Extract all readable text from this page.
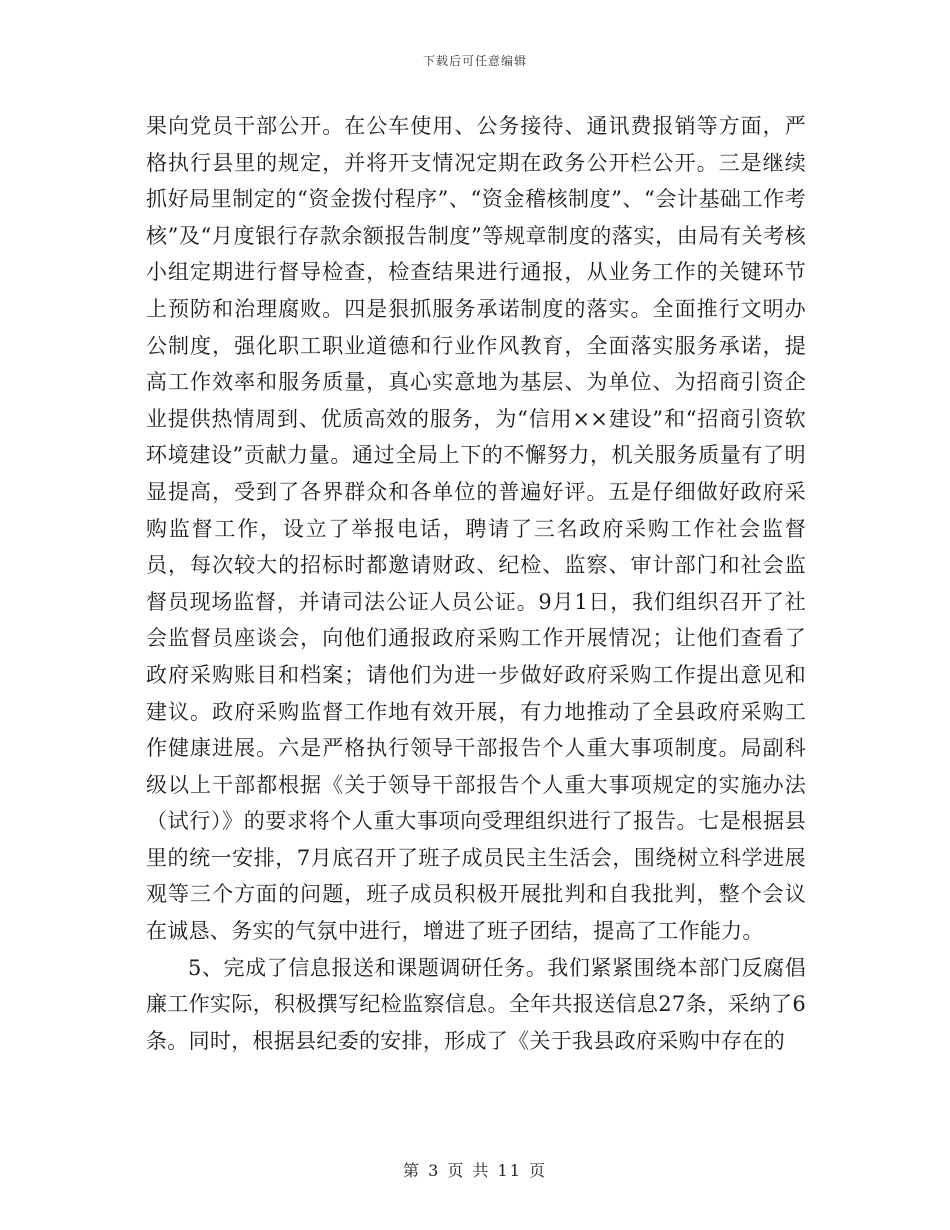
下载后可任意编辑

果向党员干部公开。在公车使用、公务接待、通讯费报销等方面，严格执行县里的规定，并将开支情况定期在政务公开栏公开。三是继续抓好局里制定的“资金拨付程序”、“资金稽核制度”、“会计基础工作考核”及“月度银行存款余额报告制度”等规章制度的落实，由局有关考核小组定期进行督导检查，检查结果进行通报，从业务工作的关键环节上预防和治理腐败。四是狠抓服务承诺制度的落实。全面推行文明办公制度，强化职工职业道德和行业作风教育，全面落实服务承诺，提高工作效率和服务质量，真心实意地为基层、为单位、为招商引资企业提供热情周到、优质高效的服务，为“信用××建设”和“招商引资软环境建设”贡献力量。通过全局上下的不懈努力，机关服务质量有了明显提高，受到了各界群众和各单位的普遍好评。五是仔细做好政府采购监督工作，设立了举报电话，聘请了三名政府采购工作社会监督员，每次较大的招标时都邀请财政、纪检、监察、审计部门和社会监督员现场监督，并请司法公证人员公证。9月1日，我们组织召开了社会监督员座谈会，向他们通报政府采购工作开展情况；让他们查看了政府采购账目和档案；请他们为进一步做好政府采购工作提出意见和建议。政府采购监督工作地有效开展，有力地推动了全县政府采购工作健康进展。六是严格执行领导干部报告个人重大事项制度。局副科级以上干部都根据《关于领导干部报告个人重大事项规定的实施办法（试行）》的要求将个人重大事项向受理组织进行了报告。七是根据县里的统一安排，7月底召开了班子成员民主生活会，围绕树立科学进展观等三个方面的问题，班子成员积极开展批判和自我批判，整个会议在诚恳、务实的气氛中进行，增进了班子团结，提高了工作能力。

5、完成了信息报送和课题调研任务。我们紧紧围绕本部门反腐倡廉工作实际，积极撰写纪检监察信息。全年共报送信息27条，采纳了6条。同时，根据县纪委的安排，形成了《关于我县政府采购中存在的

第 3 页 共 11 页
